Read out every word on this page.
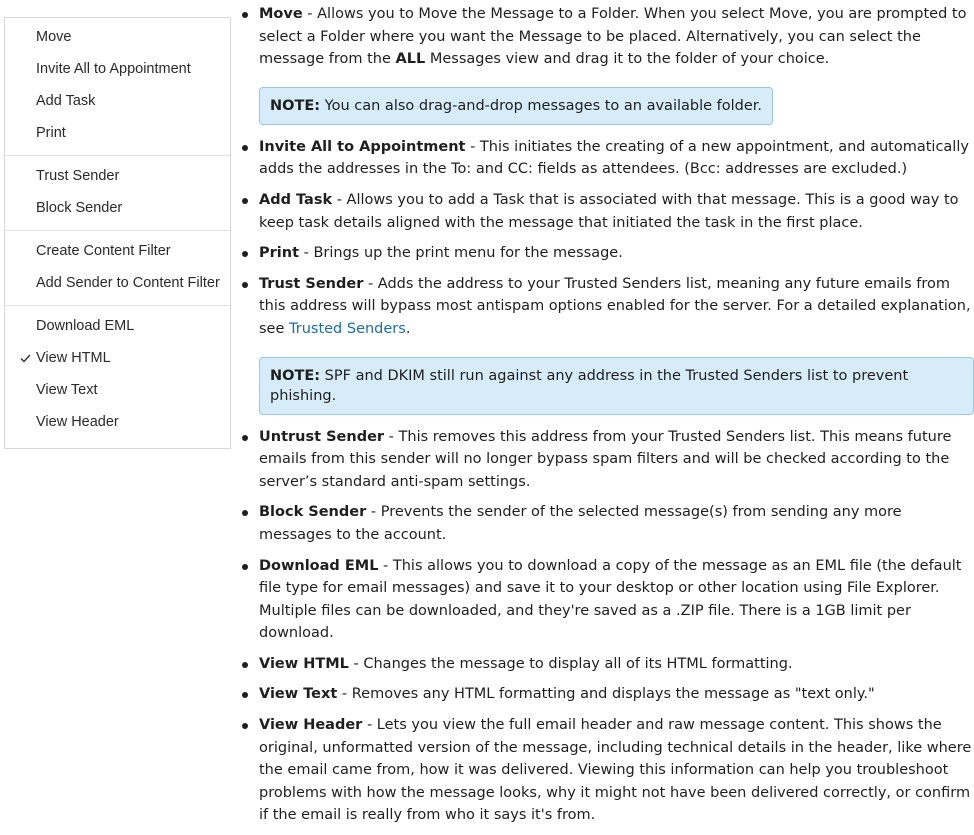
Move
Invite All to Appointment
Add Task
Print
Trust Sender
Block Sender
Create Content Filter
Add Sender to Content Filter
Download EML
View HTML
View Text
View Header
Move - Allows you to Move the Message to a Folder. When you select Move, you are prompted to select a Folder where you want the Message to be placed. Alternatively, you can select the message from the ALL Messages view and drag it to the folder of your choice.
NOTE: You can also drag-and-drop messages to an available folder.
Invite All to Appointment - This initiates the creating of a new appointment, and automatically adds the addresses in the To: and CC: fields as attendees. (Bcc: addresses are excluded.)
Add Task - Allows you to add a Task that is associated with that message. This is a good way to keep task details aligned with the message that initiated the task in the first place.
Print - Brings up the print menu for the message.
Trust Sender - Adds the address to your Trusted Senders list, meaning any future emails from this address will bypass most antispam options enabled for the server. For a detailed explanation, see Trusted Senders.
NOTE: SPF and DKIM still run against any address in the Trusted Senders list to prevent phishing.
Untrust Sender - This removes this address from your Trusted Senders list. This means future emails from this sender will no longer bypass spam filters and will be checked according to the server’s standard anti-spam settings.
Block Sender - Prevents the sender of the selected message(s) from sending any more messages to the account.
Download EML - This allows you to download a copy of the message as an EML file (the default file type for email messages) and save it to your desktop or other location using File Explorer. Multiple files can be downloaded, and they're saved as a .ZIP file. There is a 1GB limit per download.
View HTML - Changes the message to display all of its HTML formatting.
View Text - Removes any HTML formatting and displays the message as "text only."
View Header - Lets you view the full email header and raw message content. This shows the original, unformatted version of the message, including technical details in the header, like where the email came from, how it was delivered. Viewing this information can help you troubleshoot problems with how the message looks, why it might not have been delivered correctly, or confirm if the email is really from who it says it's from.
